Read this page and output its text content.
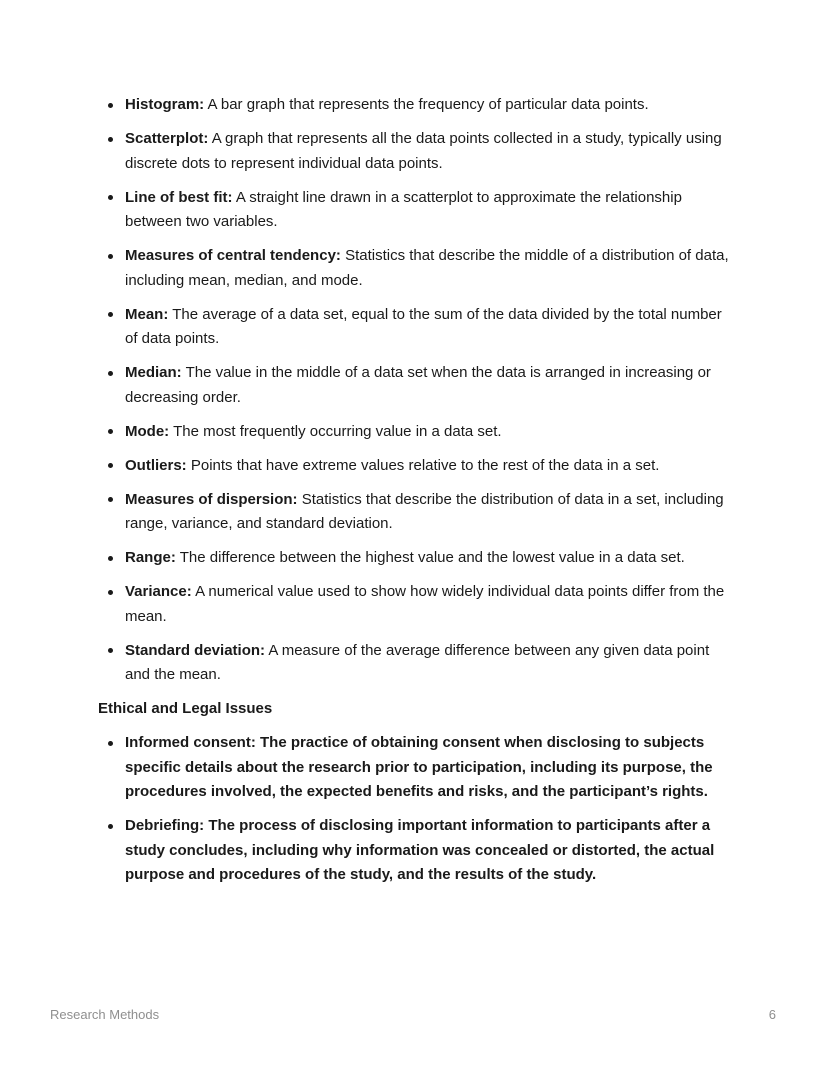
Histogram: A bar graph that represents the frequency of particular data points.
Scatterplot: A graph that represents all the data points collected in a study, typically using discrete dots to represent individual data points.
Line of best fit: A straight line drawn in a scatterplot to approximate the relationship between two variables.
Measures of central tendency: Statistics that describe the middle of a distribution of data, including mean, median, and mode.
Mean: The average of a data set, equal to the sum of the data divided by the total number of data points.
Median: The value in the middle of a data set when the data is arranged in increasing or decreasing order.
Mode: The most frequently occurring value in a data set.
Outliers: Points that have extreme values relative to the rest of the data in a set.
Measures of dispersion: Statistics that describe the distribution of data in a set, including range, variance, and standard deviation.
Range: The difference between the highest value and the lowest value in a data set.
Variance: A numerical value used to show how widely individual data points differ from the mean.
Standard deviation: A measure of the average difference between any given data point and the mean.
Ethical and Legal Issues
Informed consent: The practice of obtaining consent when disclosing to subjects specific details about the research prior to participation, including its purpose, the procedures involved, the expected benefits and risks, and the participant’s rights.
Debriefing: The process of disclosing important information to participants after a study concludes, including why information was concealed or distorted, the actual purpose and procedures of the study, and the results of the study.
Research Methods	6
